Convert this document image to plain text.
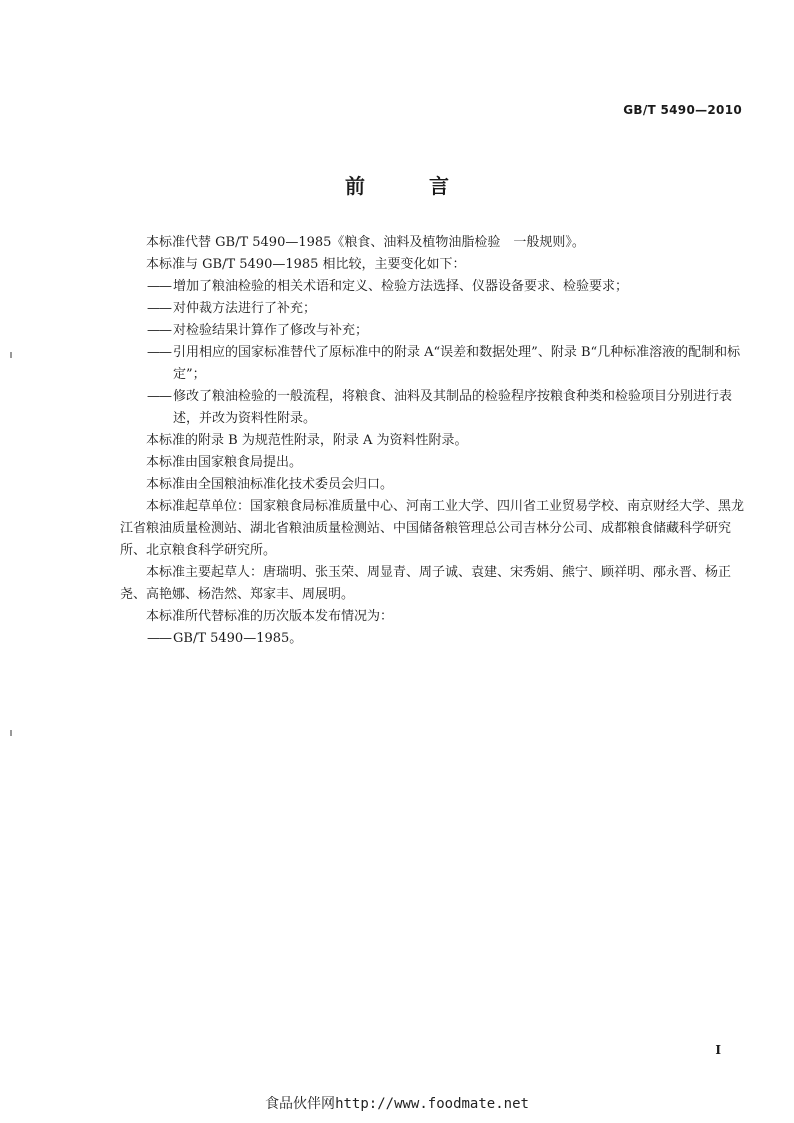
GB/T 5490—2010
前　言

本标准代替 GB/T 5490—1985《粮食、油料及植物油脂检验　一般规则》。

本标准与 GB/T 5490—1985 相比较，主要变化如下：

—— 增加了粮油检验的相关术语和定义、检验方法选择、仪器设备要求、检验要求；
—— 对仲裁方法进行了补充；
—— 对检验结果计算作了修改与补充；
—— 引用相应的国家标准替代了原标准中的附录 A“误差和数据处理”、附录 B“几种标准溶液的配制和标定”；
—— 修改了粮油检验的一般流程，将粮食、油料及其制品的检验程序按粮食种类和检验项目分别进行表述，并改为资料性附录。

本标准的附录 B 为规范性附录，附录 A 为资料性附录。

本标准由国家粮食局提出。

本标准由全国粮油标准化技术委员会归口。

本标准起草单位：国家粮食局标准质量中心、河南工业大学、四川省工业贸易学校、南京财经大学、黑龙江省粮油质量检测站、湖北省粮油质量检测站、中国储备粮管理总公司吉林分公司、成都粮食储藏科学研究所、北京粮食科学研究所。

本标准主要起草人：唐瑞明、张玉荣、周显青、周子诚、袁建、宋秀娟、熊宁、顾祥明、邴永晋、杨正尧、高艳娜、杨浩然、郑家丰、周展明。

本标准所代替标准的历次版本发布情况为：

—— GB/T 5490—1985。
I
食品伙伴网http://www.foodmate.net
